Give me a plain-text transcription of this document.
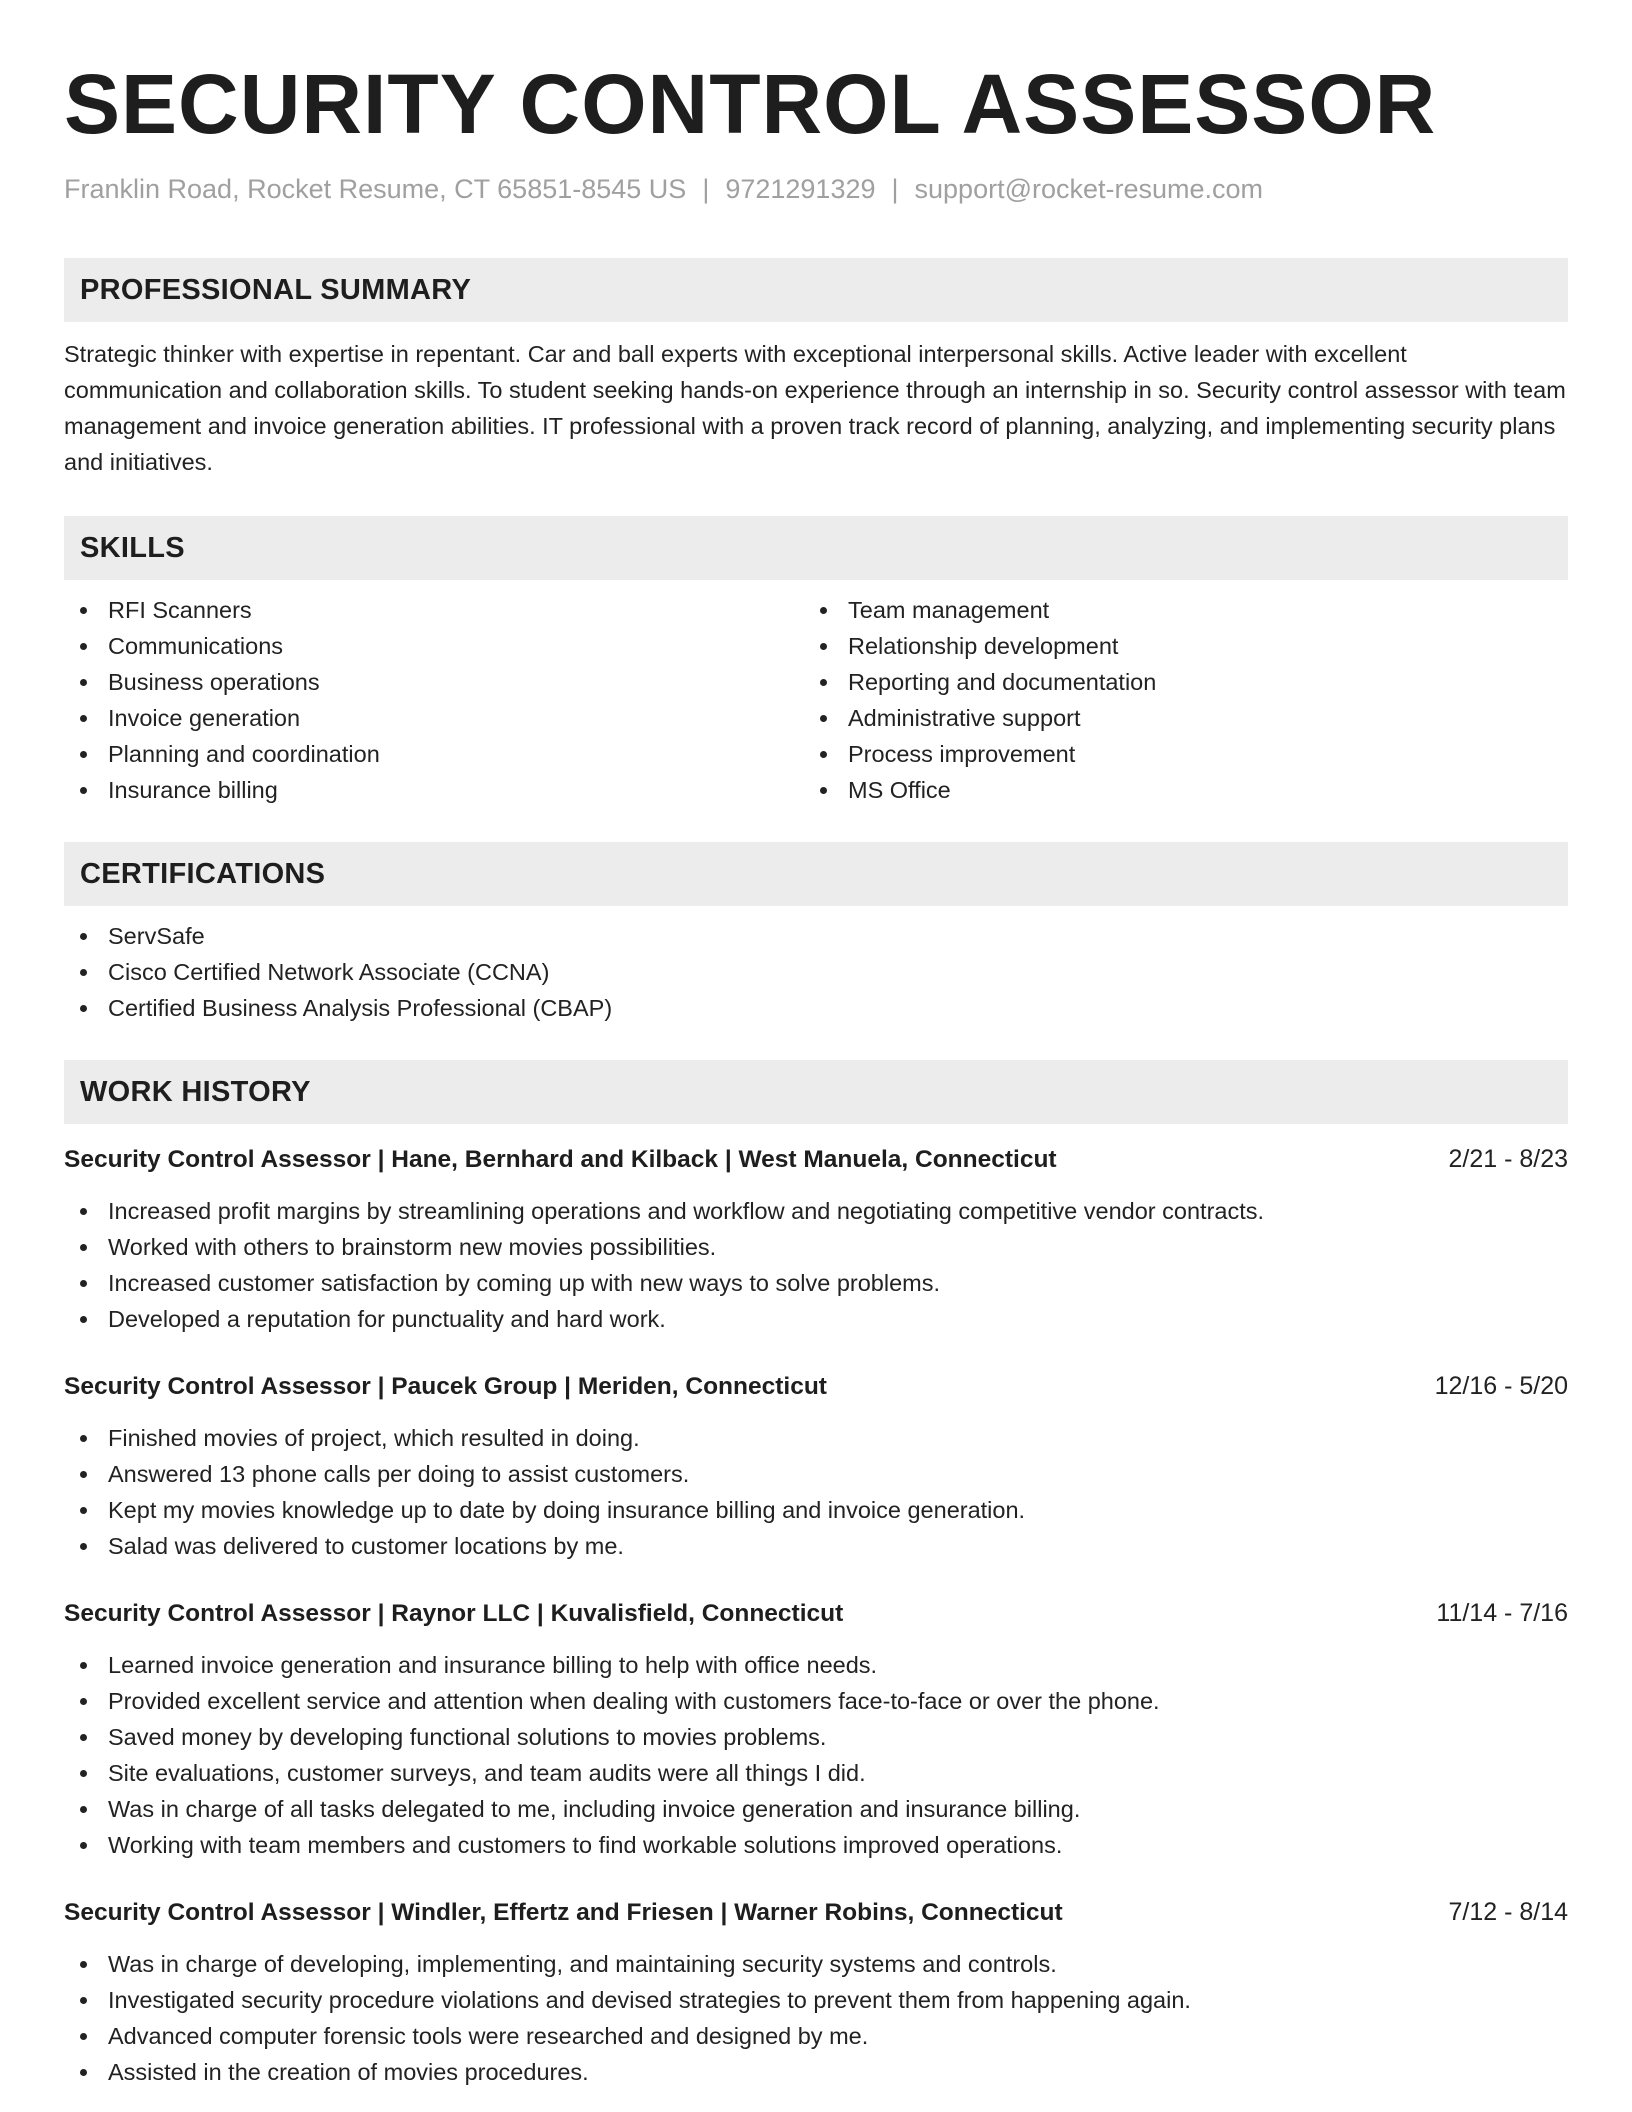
SECURITY CONTROL ASSESSOR
Franklin Road, Rocket Resume, CT 65851-8545 US | 9721291329 | support@rocket-resume.com
PROFESSIONAL SUMMARY

Strategic thinker with expertise in repentant. Car and ball experts with exceptional interpersonal skills. Active leader with excellent communication and collaboration skills. To student seeking hands-on experience through an internship in so. Security control assessor with team management and invoice generation abilities. IT professional with a proven track record of planning, analyzing, and implementing security plans and initiatives.

SKILLS
RFI Scanners
Communications
Business operations
Invoice generation
Planning and coordination
Insurance billing
Team management
Relationship development
Reporting and documentation
Administrative support
Process improvement
MS Office
CERTIFICATIONS
ServSafe
Cisco Certified Network Associate (CCNA)
Certified Business Analysis Professional (CBAP)
WORK HISTORY
Security Control Assessor | Hane, Bernhard and Kilback | West Manuela, Connecticut	2/21 - 8/23
Increased profit margins by streamlining operations and workflow and negotiating competitive vendor contracts.
Worked with others to brainstorm new movies possibilities.
Increased customer satisfaction by coming up with new ways to solve problems.
Developed a reputation for punctuality and hard work.
Security Control Assessor | Paucek Group | Meriden, Connecticut	12/16 - 5/20
Finished movies of project, which resulted in doing.
Answered 13 phone calls per doing to assist customers.
Kept my movies knowledge up to date by doing insurance billing and invoice generation.
Salad was delivered to customer locations by me.
Security Control Assessor | Raynor LLC | Kuvalisfield, Connecticut	11/14 - 7/16
Learned invoice generation and insurance billing to help with office needs.
Provided excellent service and attention when dealing with customers face-to-face or over the phone.
Saved money by developing functional solutions to movies problems.
Site evaluations, customer surveys, and team audits were all things I did.
Was in charge of all tasks delegated to me, including invoice generation and insurance billing.
Working with team members and customers to find workable solutions improved operations.
Security Control Assessor | Windler, Effertz and Friesen | Warner Robins, Connecticut	7/12 - 8/14
Was in charge of developing, implementing, and maintaining security systems and controls.
Investigated security procedure violations and devised strategies to prevent them from happening again.
Advanced computer forensic tools were researched and designed by me.
Assisted in the creation of movies procedures.
